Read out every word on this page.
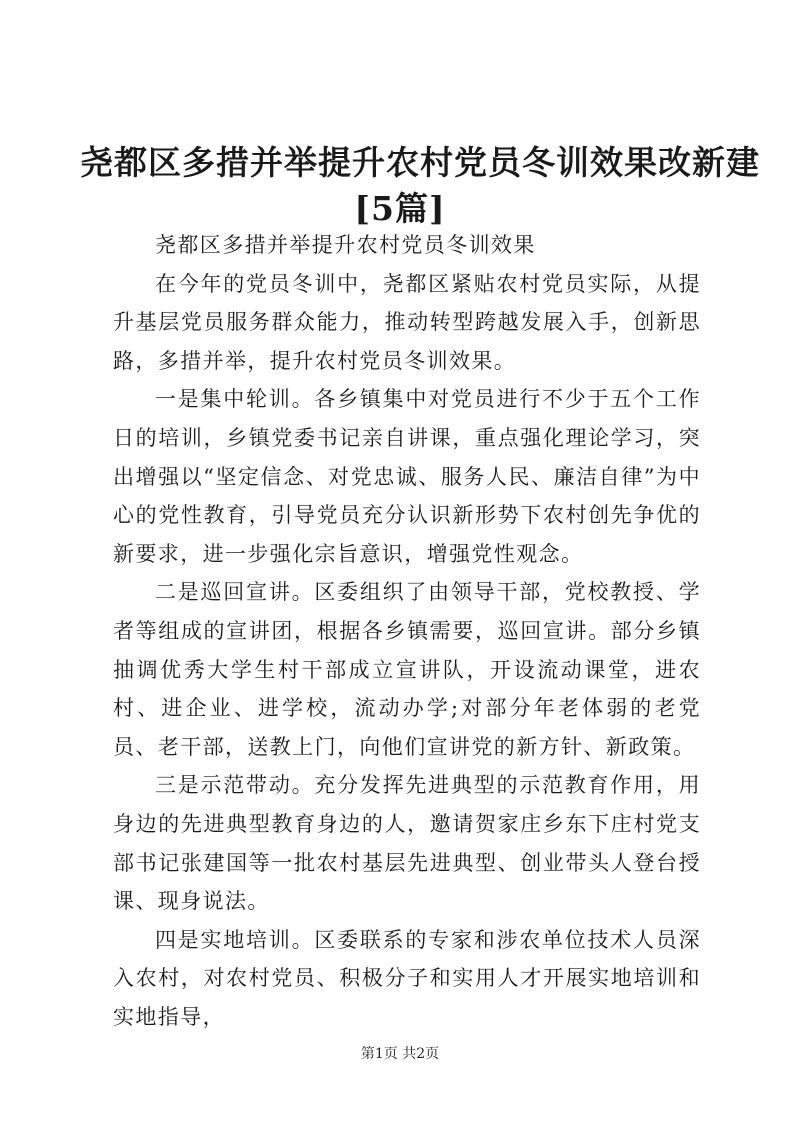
尧都区多措并举提升农村党员冬训效果改新建
[5篇]

尧都区多措并举提升农村党员冬训效果

在今年的党员冬训中，尧都区紧贴农村党员实际，从提升基层党员服务群众能力，推动转型跨越发展入手，创新思路，多措并举，提升农村党员冬训效果。

一是集中轮训。各乡镇集中对党员进行不少于五个工作日的培训，乡镇党委书记亲自讲课，重点强化理论学习，突出增强以“坚定信念、对党忠诚、服务人民、廉洁自律”为中心的党性教育，引导党员充分认识新形势下农村创先争优的新要求，进一步强化宗旨意识，增强党性观念。

二是巡回宣讲。区委组织了由领导干部，党校教授、学者等组成的宣讲团，根据各乡镇需要，巡回宣讲。部分乡镇抽调优秀大学生村干部成立宣讲队，开设流动课堂，进农村、进企业、进学校，流动办学;对部分年老体弱的老党员、老干部，送教上门，向他们宣讲党的新方针、新政策。

三是示范带动。充分发挥先进典型的示范教育作用，用身边的先进典型教育身边的人，邀请贺家庄乡东下庄村党支部书记张建国等一批农村基层先进典型、创业带头人登台授课、现身说法。

四是实地培训。区委联系的专家和涉农单位技术人员深入农村，对农村党员、积极分子和实用人才开展实地培训和实地指导，

第1页 共2页
